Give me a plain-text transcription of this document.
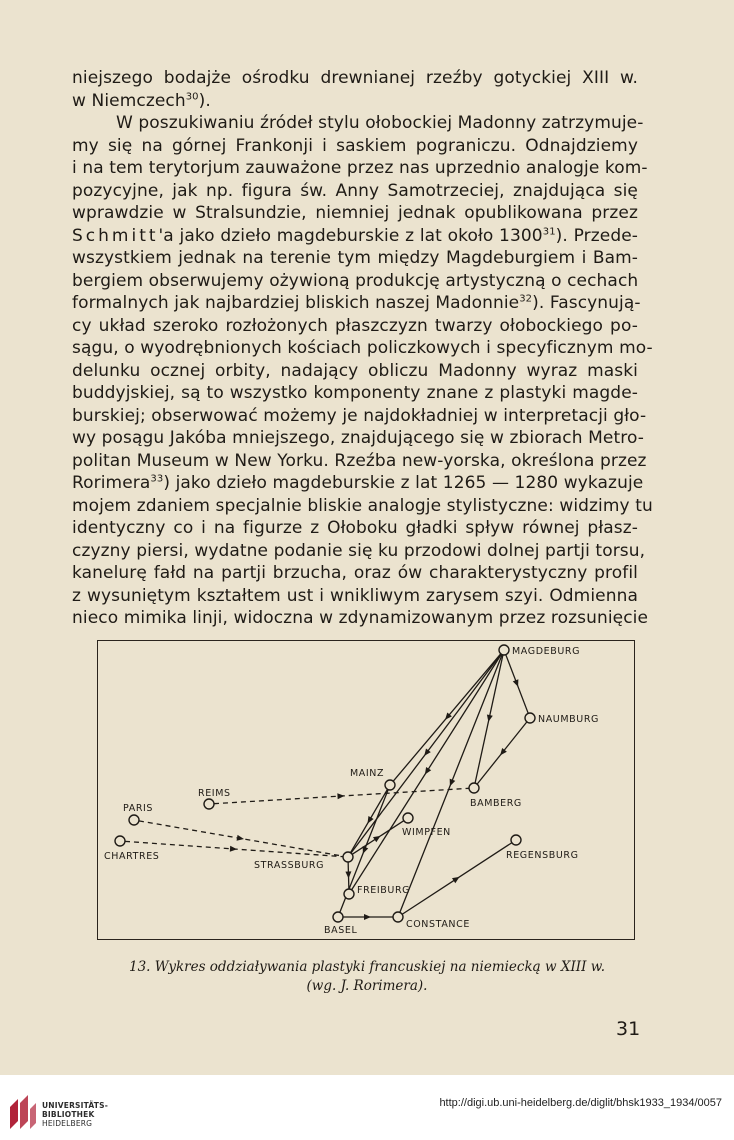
niejszego bodajże ośrodku drewnianej rzeźby gotyckiej XIII w.
w Niemczech$^{30}$).
W poszukiwaniu źródeł stylu ołobockiej Madonny zatrzymuje-
my się na górnej Frankonji i saskiem pograniczu. Odnajdziemy
i na tem terytorjum zauważone przez nas uprzednio analogje kom-
pozycyjne, jak np. figura św. Anny Samotrzeciej, znajdująca się
wprawdzie w Stralsundzie, niemniej jednak opublikowana przez
Schmitt'a jako dzieło magdeburskie z lat około 1300$^{31}$). Przede-
wszystkiem jednak na terenie tym między Magdeburgiem i Bam-
bergiem obserwujemy ożywioną produkcję artystyczną o cechach
formalnych jak najbardziej bliskich naszej Madonnie$^{32}$). Fascynują-
cy układ szeroko rozłożonych płaszczyzn twarzy ołobockiego po-
sągu, o wyodrębnionych kościach policzkowych i specyficznym mo-
delunku ocznej orbity, nadający obliczu Madonny wyraz maski
buddyjskiej, są to wszystko komponenty znane z plastyki magde-
burskiej; obserwować możemy je najdokładniej w interpretacji gło-
wy posągu Jakóba mniejszego, znajdującego się w zbiorach Metro-
politan Museum w New Yorku. Rzeźba new-yorska, określona przez
Rorimera$^{33}$) jako dzieło magdeburskie z lat 1265 — 1280 wykazuje
mojem zdaniem specjalnie bliskie analogje stylistyczne: widzimy tu
identyczny co i na figurze z Ołoboku gładki spływ równej płasz-
czyzny piersi, wydatne podanie się ku przodowi dolnej partji torsu,
kanelurę fałd na partji brzucha, oraz ów charakterystyczny profil
z wysuniętym kształtem ust i wnikliwym zarysem szyi. Odmienna
nieco mimika linji, widoczna w zdynamizowanym przez rozsunięcie
MAGDEBURG
NAUMBURG
MAINZ
REIMS
PARIS	BAMBERG
WIMPFEN
CHARTRES
STRASSBURG
REGENSBURG
FREIBURG
BASEL
CONSTANCE
13. Wykres oddziaływania plastyki francuskiej na niemiecką w XIII w.
(wg. J. Rorimera).
31
UNIVERSITÄTS-
BIBLIOTHEK
HEIDELBERG
http://digi.ub.uni-heidelberg.de/diglit/bhsk1933_1934/0057
